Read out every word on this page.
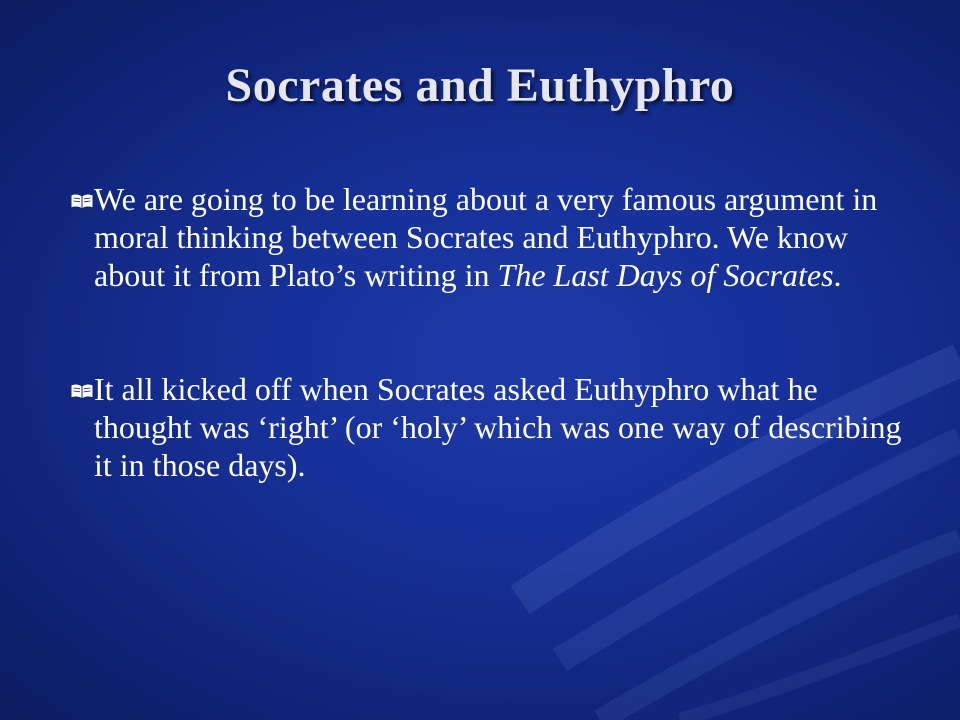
Socrates and Euthyphro
We are going to be learning about a very famous argument in moral thinking between Socrates and Euthyphro. We know about it from Plato’s writing in The Last Days of Socrates.
It all kicked off when Socrates asked Euthyphro what he thought was ‘right’ (or ‘holy’ which was one way of describing it in those days).
